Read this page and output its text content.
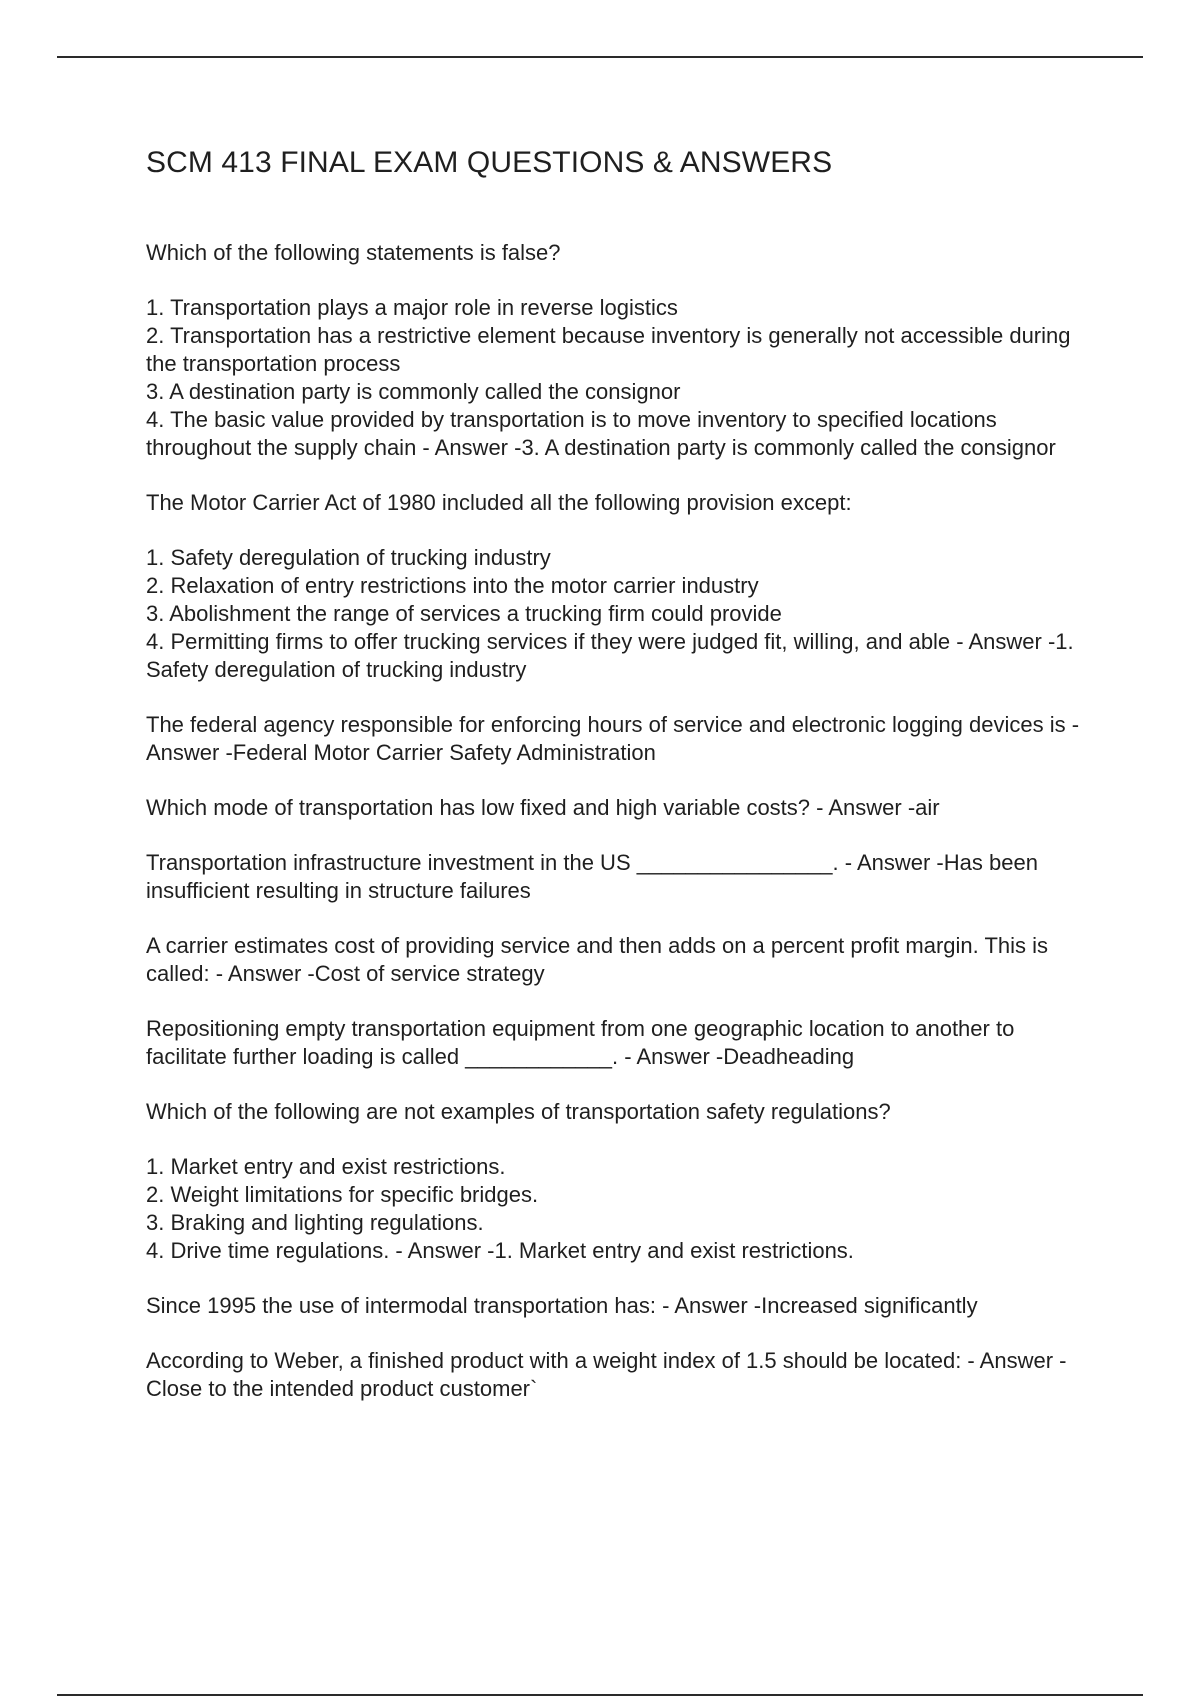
SCM 413 FINAL EXAM QUESTIONS & ANSWERS
Which of the following statements is false?
1. Transportation plays a major role in reverse logistics
2. Transportation has a restrictive element because inventory is generally not accessible during the transportation process
3. A destination party is commonly called the consignor
4. The basic value provided by transportation is to move inventory to specified locations throughout the supply chain - Answer -3. A destination party is commonly called the consignor
The Motor Carrier Act of 1980 included all the following provision except:
1. Safety deregulation of trucking industry
2. Relaxation of entry restrictions into the motor carrier industry
3. Abolishment the range of services a trucking firm could provide
4. Permitting firms to offer trucking services if they were judged fit, willing, and able - Answer -1. Safety deregulation of trucking industry
The federal agency responsible for enforcing hours of service and electronic logging devices is - Answer -Federal Motor Carrier Safety Administration
Which mode of transportation has low fixed and high variable costs? - Answer -air
Transportation infrastructure investment in the US ________________. - Answer -Has been insufficient resulting in structure failures
A carrier estimates cost of providing service and then adds on a percent profit margin. This is called: - Answer -Cost of service strategy
Repositioning empty transportation equipment from one geographic location to another to facilitate further loading is called ____________. - Answer -Deadheading
Which of the following are not examples of transportation safety regulations?
1. Market entry and exist restrictions.
2. Weight limitations for specific bridges.
3. Braking and lighting regulations.
4. Drive time regulations. - Answer -1. Market entry and exist restrictions.
Since 1995 the use of intermodal transportation has: - Answer -Increased significantly
According to Weber, a finished product with a weight index of 1.5 should be located: - Answer -Close to the intended product customer`
